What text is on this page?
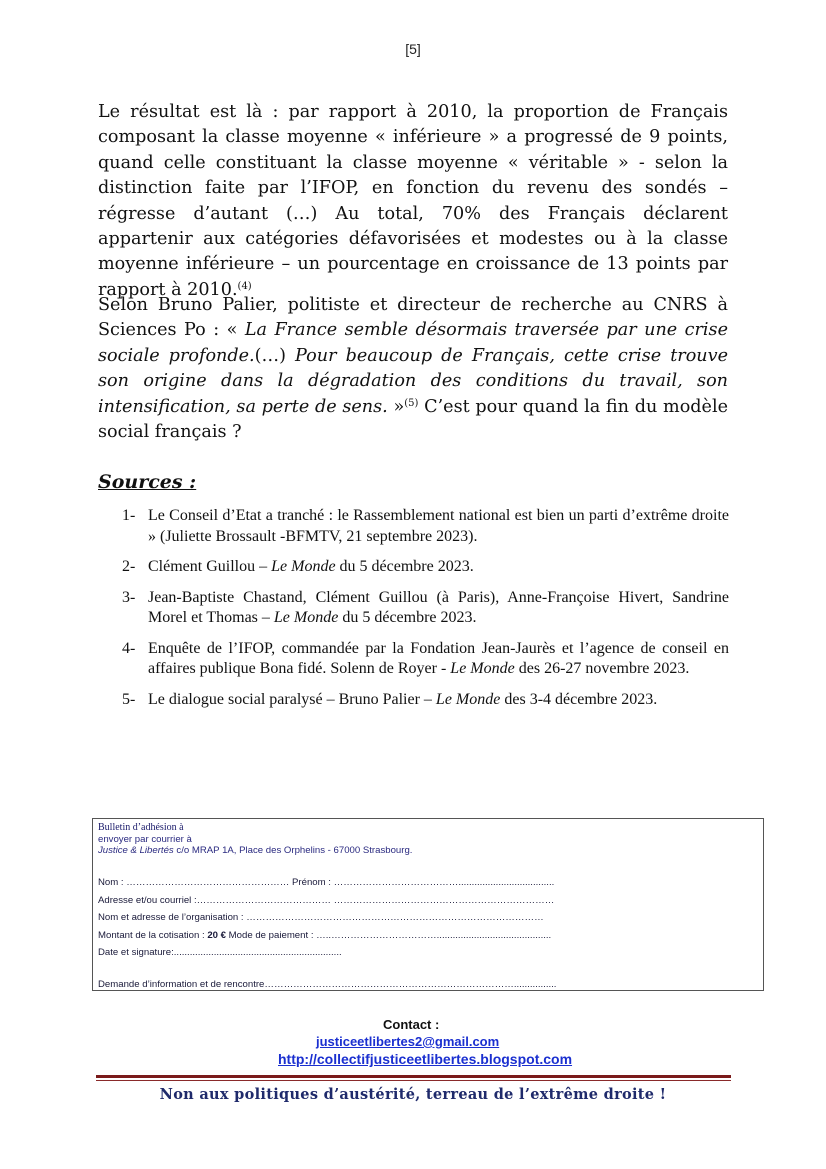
[5]

Le résultat est là : par rapport à 2010, la proportion de Français composant la classe moyenne « inférieure » a progressé de 9 points, quand celle constituant la classe moyenne « véritable » - selon la distinction faite par l’IFOP, en fonction du revenu des sondés – régresse d’autant (…) Au total, 70% des Français déclarent appartenir aux catégories défavorisées et modestes ou à la classe moyenne inférieure – un pourcentage en croissance de 13 points par rapport à 2010.$^{(4)}$

Selon Bruno Palier, politiste et directeur de recherche au CNRS à Sciences Po : « La France semble désormais traversée par une crise sociale profonde.(…) Pour beaucoup de Français, cette crise trouve son origine dans la dégradation des conditions du travail, son intensification, sa perte de sens. »$^{(5)}$ C’est pour quand la fin du modèle social français ?

Sources :
1- Le Conseil d’Etat a tranché : le Rassemblement national est bien un parti d’extrême droite » (Juliette Brossault -BFMTV, 21 septembre 2023).
2- Clément Guillou – Le Monde du 5 décembre 2023.
3- Jean-Baptiste Chastand, Clément Guillou (à Paris), Anne-Françoise Hivert, Sandrine Morel et Thomas – Le Monde du 5 décembre 2023.
4- Enquête de l’IFOP, commandée par la Fondation Jean-Jaurès et l’agence de conseil en affaires publique Bona fidé. Solenn de Royer - Le Monde des 26-27 novembre 2023.
5- Le dialogue social paralysé – Bruno Palier – Le Monde des 3-4 décembre 2023.
Bulletin d’adhésion à
envoyer par courrier à
Justice & Libertés c/o MRAP 1A, Place des Orphelins - 67000 Strasbourg.
Nom : …………………………………………… Prénom : …………………………………....................................
Adresse et/ou courriel :…………………………………… ……………………………………………………………
Nom et adresse de l’organisation : …………………………………………………………………………………
Montant de la cotisation : 20 € Mode de paiement : …..……………………………...........................................
Date et signature:...............................................................
Demande d’information et de rencontre……………………………………………………………………................
Contact :
justiceetlibertes2@gmail.com
http://collectifjusticeetlibertes.blogspot.com
Non aux politiques d’austérité, terreau de l’extrême droite !
